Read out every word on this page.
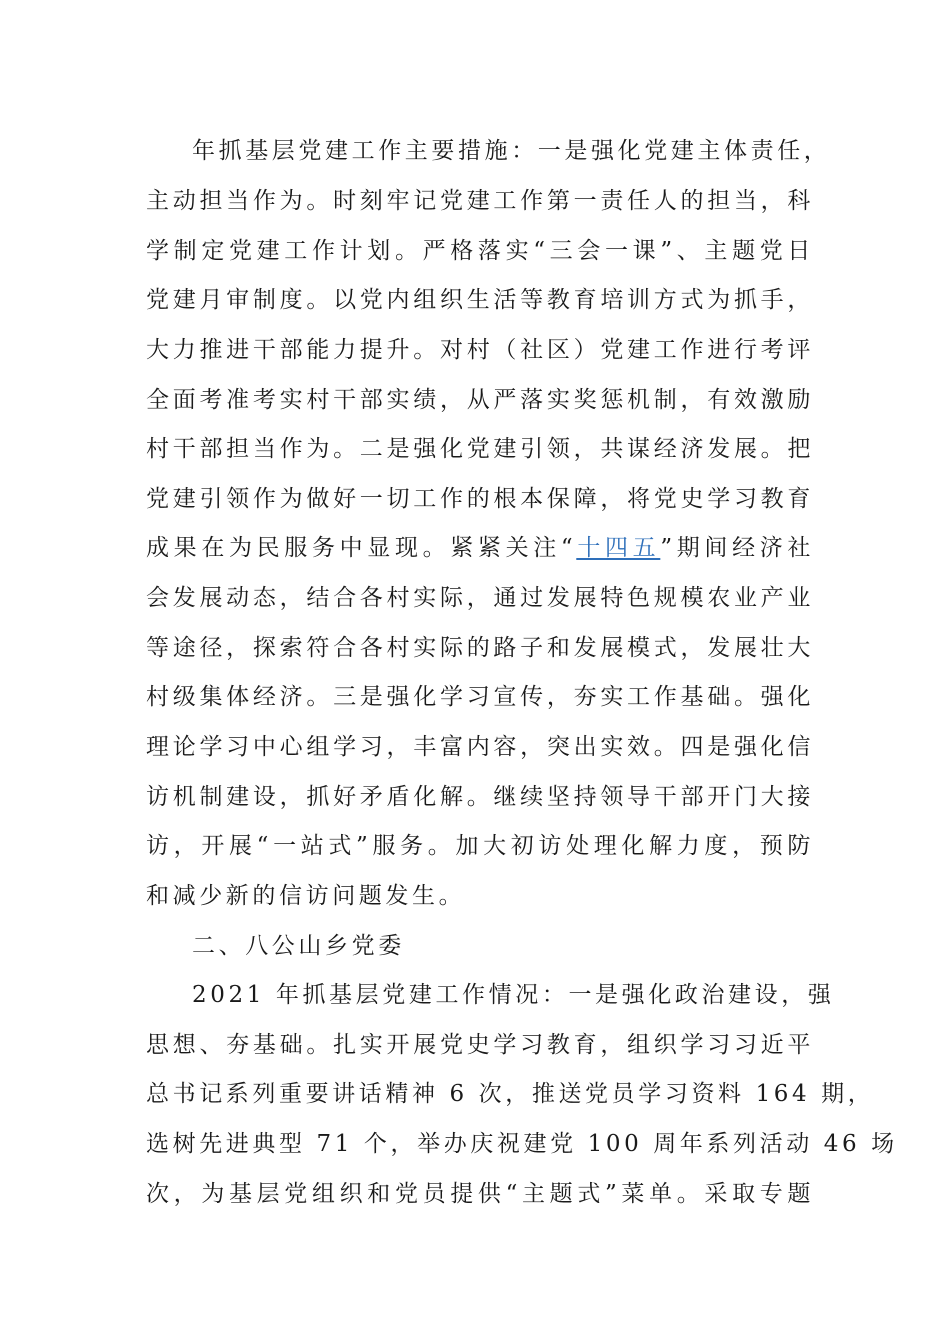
年抓基层党建工作主要措施：一是强化党建主体责任，
主动担当作为。时刻牢记党建工作第一责任人的担当，科
学制定党建工作计划。严格落实“三会一课”、主题党日
党建月审制度。以党内组织生活等教育培训方式为抓手，
大力推进干部能力提升。对村（社区）党建工作进行考评
全面考准考实村干部实绩，从严落实奖惩机制，有效激励
村干部担当作为。二是强化党建引领，共谋经济发展。把
党建引领作为做好一切工作的根本保障，将党史学习教育
成果在为民服务中显现。紧紧关注“十四五”期间经济社
会发展动态，结合各村实际，通过发展特色规模农业产业
等途径，探索符合各村实际的路子和发展模式，发展壮大
村级集体经济。三是强化学习宣传，夯实工作基础。强化
理论学习中心组学习，丰富内容，突出实效。四是强化信
访机制建设，抓好矛盾化解。继续坚持领导干部开门大接
访，开展“一站式”服务。加大初访处理化解力度，预防
和减少新的信访问题发生。
二、八公山乡党委
2021 年抓基层党建工作情况：一是强化政治建设，强
思想、夯基础。扎实开展党史学习教育，组织学习习近平
总书记系列重要讲话精神 6 次，推送党员学习资料 164 期，
选树先进典型 71 个，举办庆祝建党 100 周年系列活动 46 场
次，为基层党组织和党员提供“主题式”菜单。采取专题
